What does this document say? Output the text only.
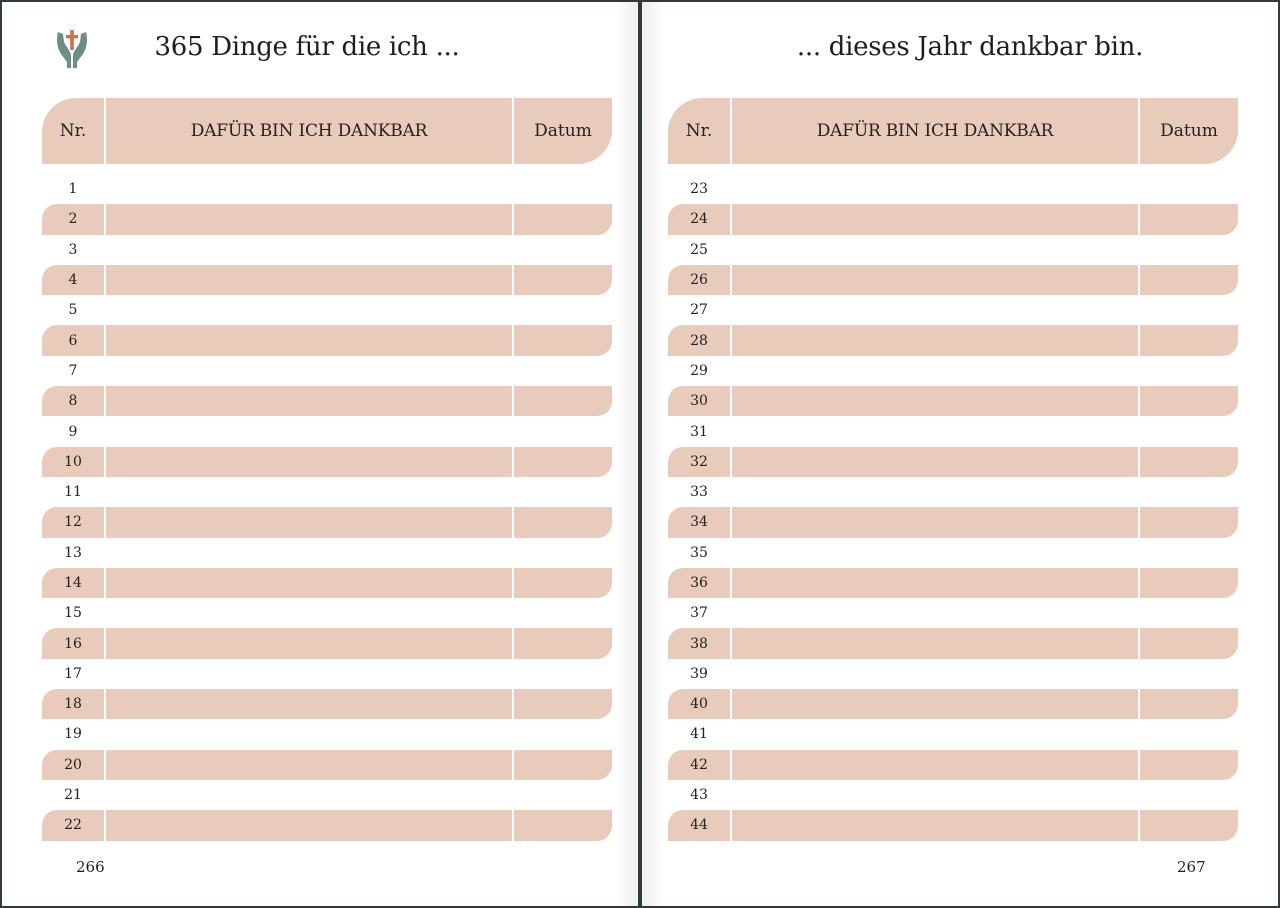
365 Dinge für die ich ...
Nr.	DAFÜR BIN ICH DANKBAR	Datum
1
2
3
4
5
6
7
8
9
10
11
12
13
14
15
16
17
18
19
20
21
22
266
... dieses Jahr dankbar bin.
Nr.	DAFÜR BIN ICH DANKBAR	Datum
23
24
25
26
27
28
29
30
31
32
33
34
35
36
37
38
39
40
41
42
43
44
267
